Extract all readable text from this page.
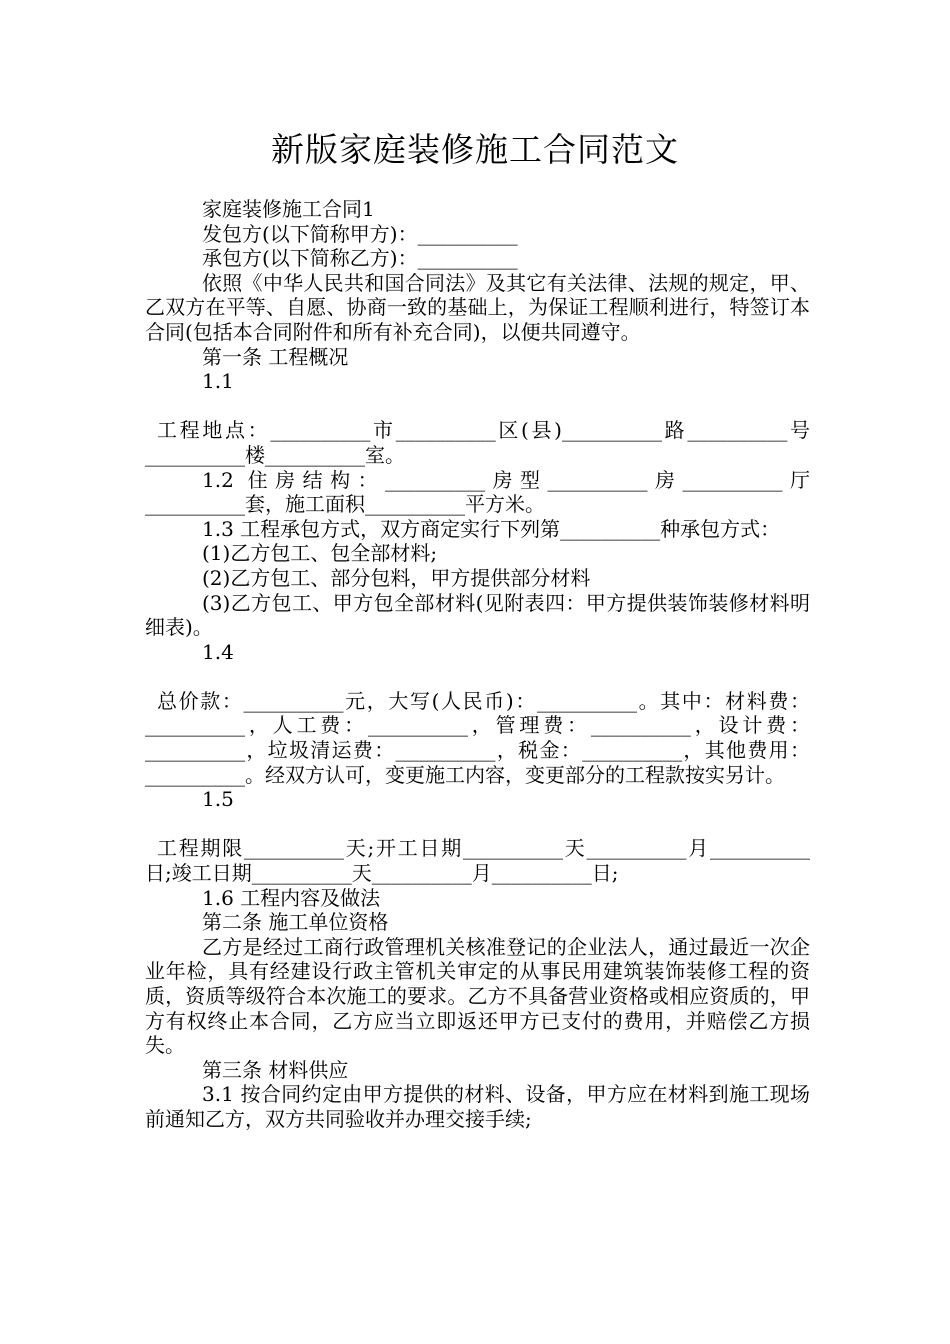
新版家庭装修施工合同范文

家庭装修施工合同1

发包方(以下简称甲方)：__________

承包方(以下简称乙方)：__________

依照《中华人民共和国合同法》及其它有关法律、法规的规定，甲、乙双方在平等、自愿、协商一致的基础上，为保证工程顺利进行，特签订本合同(包括本合同附件和所有补充合同)，以便共同遵守。

第一条 工程概况

1.1

工程地点：__________市__________区(县)__________路__________号__________楼__________室。

1.2 住房结构：__________房型__________房__________厅__________套，施工面积__________平方米。

1.3 工程承包方式，双方商定实行下列第__________种承包方式：

(1)乙方包工、包全部材料;

(2)乙方包工、部分包料，甲方提供部分材料

(3)乙方包工、甲方包全部材料(见附表四：甲方提供装饰装修材料明细表)。

1.4

总价款：__________元，大写(人民币)：__________。其中：材料费：__________，人工费：__________，管理费：__________，设计费：__________，垃圾清运费：__________，税金：__________，其他费用：__________。经双方认可，变更施工内容，变更部分的工程款按实另计。

1.5

工程期限__________天;开工日期__________天__________月__________日;竣工日期__________天__________月__________日;

1.6 工程内容及做法

第二条 施工单位资格

乙方是经过工商行政管理机关核准登记的企业法人，通过最近一次企业年检，具有经建设行政主管机关审定的从事民用建筑装饰装修工程的资质，资质等级符合本次施工的要求。乙方不具备营业资格或相应资质的，甲方有权终止本合同，乙方应当立即返还甲方已支付的费用，并赔偿乙方损失。

第三条 材料供应

3.1 按合同约定由甲方提供的材料、设备，甲方应在材料到施工现场前通知乙方，双方共同验收并办理交接手续;
